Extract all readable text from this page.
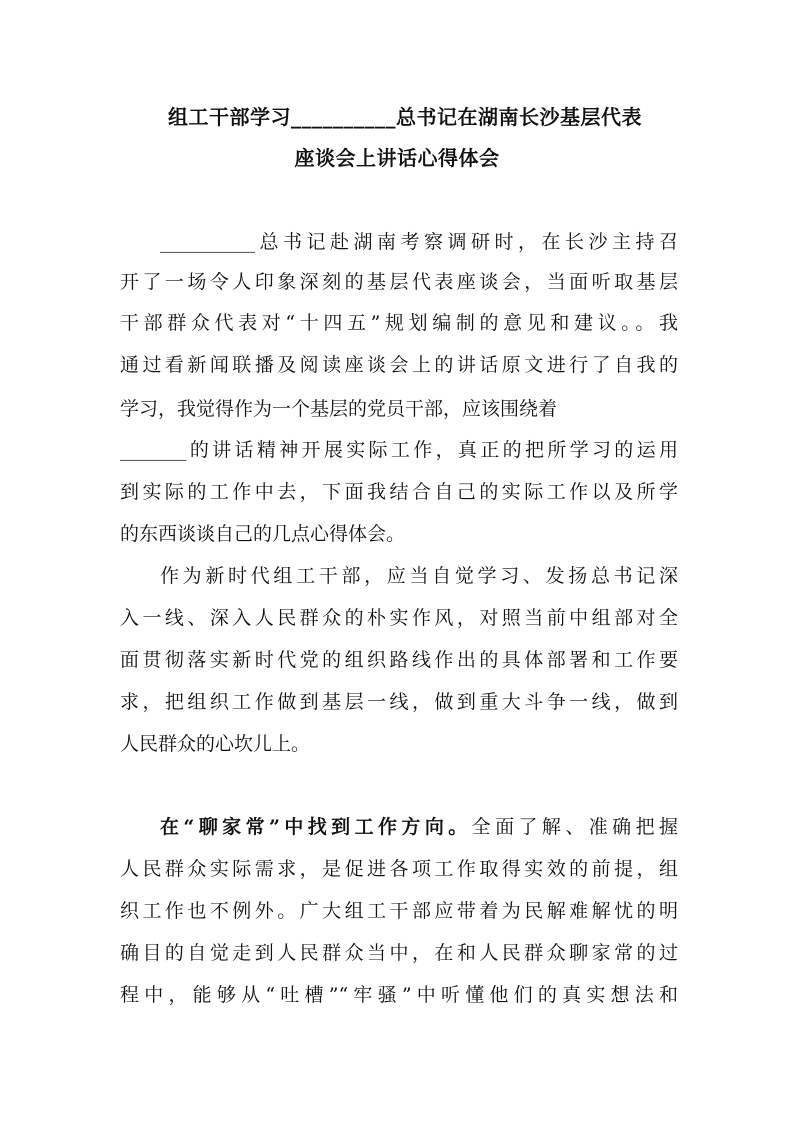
组工干部学习__________总书记在湖南长沙基层代表
座谈会上讲话心得体会
__________总书记赴湖南考察调研时，在长沙主持召
开了一场令人印象深刻的基层代表座谈会，当面听取基层
干部群众代表对“十四五”规划编制的意见和建议。。我
通过看新闻联播及阅读座谈会上的讲话原文进行了自我的
学习，我觉得作为一个基层的党员干部，应该围绕着
_______的讲话精神开展实际工作，真正的把所学习的运用
到实际的工作中去，下面我结合自己的实际工作以及所学
的东西谈谈自己的几点心得体会。
作为新时代组工干部，应当自觉学习、发扬总书记深
入一线、深入人民群众的朴实作风，对照当前中组部对全
面贯彻落实新时代党的组织路线作出的具体部署和工作要
求，把组织工作做到基层一线，做到重大斗争一线，做到
人民群众的心坎儿上。
在“聊家常”中找到工作方向。全面了解、准确把握
人民群众实际需求，是促进各项工作取得实效的前提，组
织工作也不例外。广大组工干部应带着为民解难解忧的明
确目的自觉走到人民群众当中，在和人民群众聊家常的过
程中，能够从“吐槽”“牢骚”中听懂他们的真实想法和
